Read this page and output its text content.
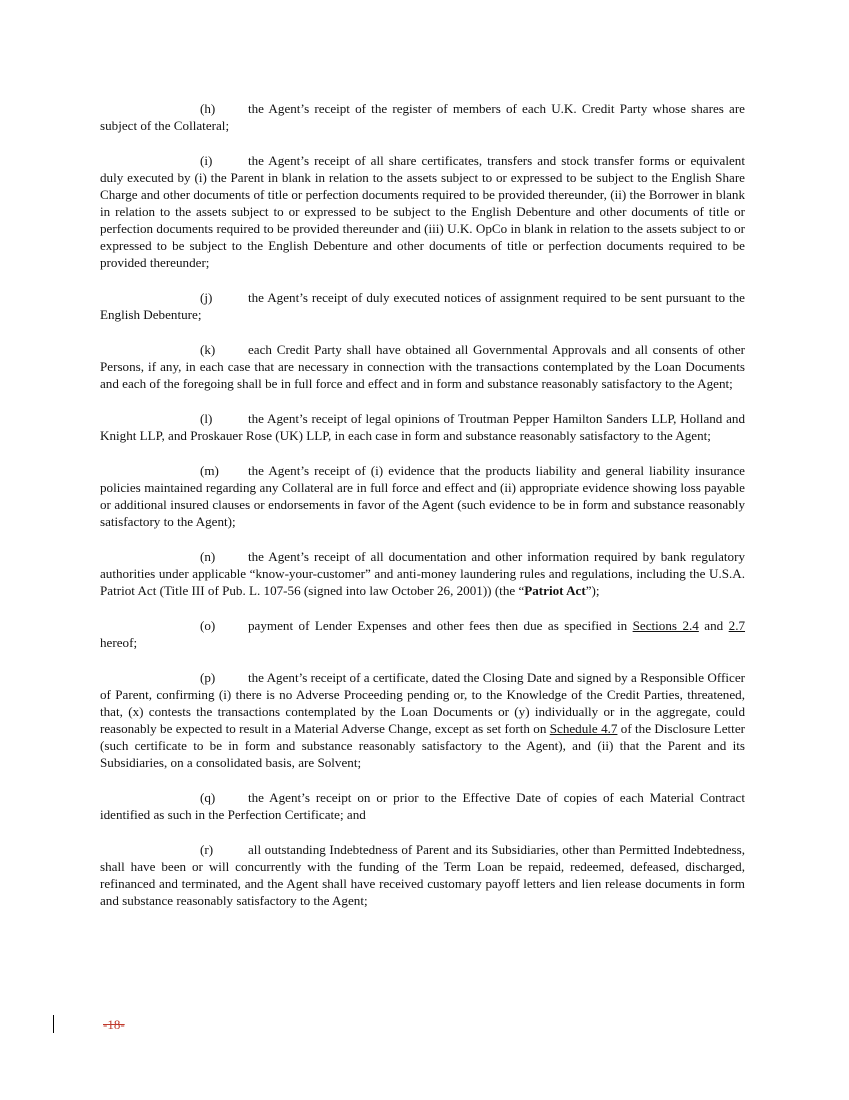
(h) the Agent’s receipt of the register of members of each U.K. Credit Party whose shares are subject of the Collateral;

(i)	the Agent’s receipt of all share certificates, transfers and stock transfer forms or equivalent duly executed by (i) the Parent in blank in relation to the assets subject to or expressed to be subject to the English Share Charge and other documents of title or perfection documents required to be provided thereunder, (ii) the Borrower in blank in relation to the assets subject to or expressed to be subject to the English Debenture and other documents of title or perfection documents required to be provided thereunder and (iii) U.K. OpCo in blank in relation to the assets subject to or expressed to be subject to the English Debenture and other documents of title or perfection documents required to be provided thereunder;

(j)	the Agent’s receipt of duly executed notices of assignment required to be sent pursuant to the English Debenture;

(k) each Credit Party shall have obtained all Governmental Approvals and all consents of other Persons, if any, in each case that are necessary in connection with the transactions contemplated by the Loan Documents and each of the foregoing shall be in full force and effect and in form and substance reasonably satisfactory to the Agent;

(l)	the Agent’s receipt of legal opinions of Troutman Pepper Hamilton Sanders LLP, Holland and Knight LLP, and Proskauer Rose (UK) LLP, in each case in form and substance reasonably satisfactory to the Agent;

(m) the Agent’s receipt of (i) evidence that the products liability and general liability insurance policies maintained regarding any Collateral are in full force and effect and (ii) appropriate evidence showing loss payable or additional insured clauses or endorsements in favor of the Agent (such evidence to be in form and substance reasonably satisfactory to the Agent);

(n) the Agent’s receipt of all documentation and other information required by bank regulatory authorities under applicable “know-your-customer” and anti-money laundering rules and regulations, including the U.S.A. Patriot Act (Title III of Pub. L. 107-56 (signed into law October 26, 2001)) (the “Patriot Act”);

(o) payment of Lender Expenses and other fees then due as specified in Sections 2.4 and 2.7 hereof;

(p) the Agent’s receipt of a certificate, dated the Closing Date and signed by a Responsible Officer of Parent, confirming (i) there is no Adverse Proceeding pending or, to the Knowledge of the Credit Parties, threatened, that, (x) contests the transactions contemplated by the Loan Documents or (y) individually or in the aggregate, could reasonably be expected to result in a Material Adverse Change, except as set forth on Schedule 4.7 of the Disclosure Letter (such certificate to be in form and substance reasonably satisfactory to the Agent), and (ii) that the Parent and its Subsidiaries, on a consolidated basis, are Solvent;

(q) the Agent’s receipt on or prior to the Effective Date of copies of each Material Contract identified as such in the Perfection Certificate; and

(r)	all outstanding Indebtedness of Parent and its Subsidiaries, other than Permitted Indebtedness, shall have been or will concurrently with the funding of the Term Loan be repaid, redeemed, defeased, discharged, refinanced and terminated, and the Agent shall have received customary payoff letters and lien release documents in form and substance reasonably satisfactory to the Agent;

-18-
